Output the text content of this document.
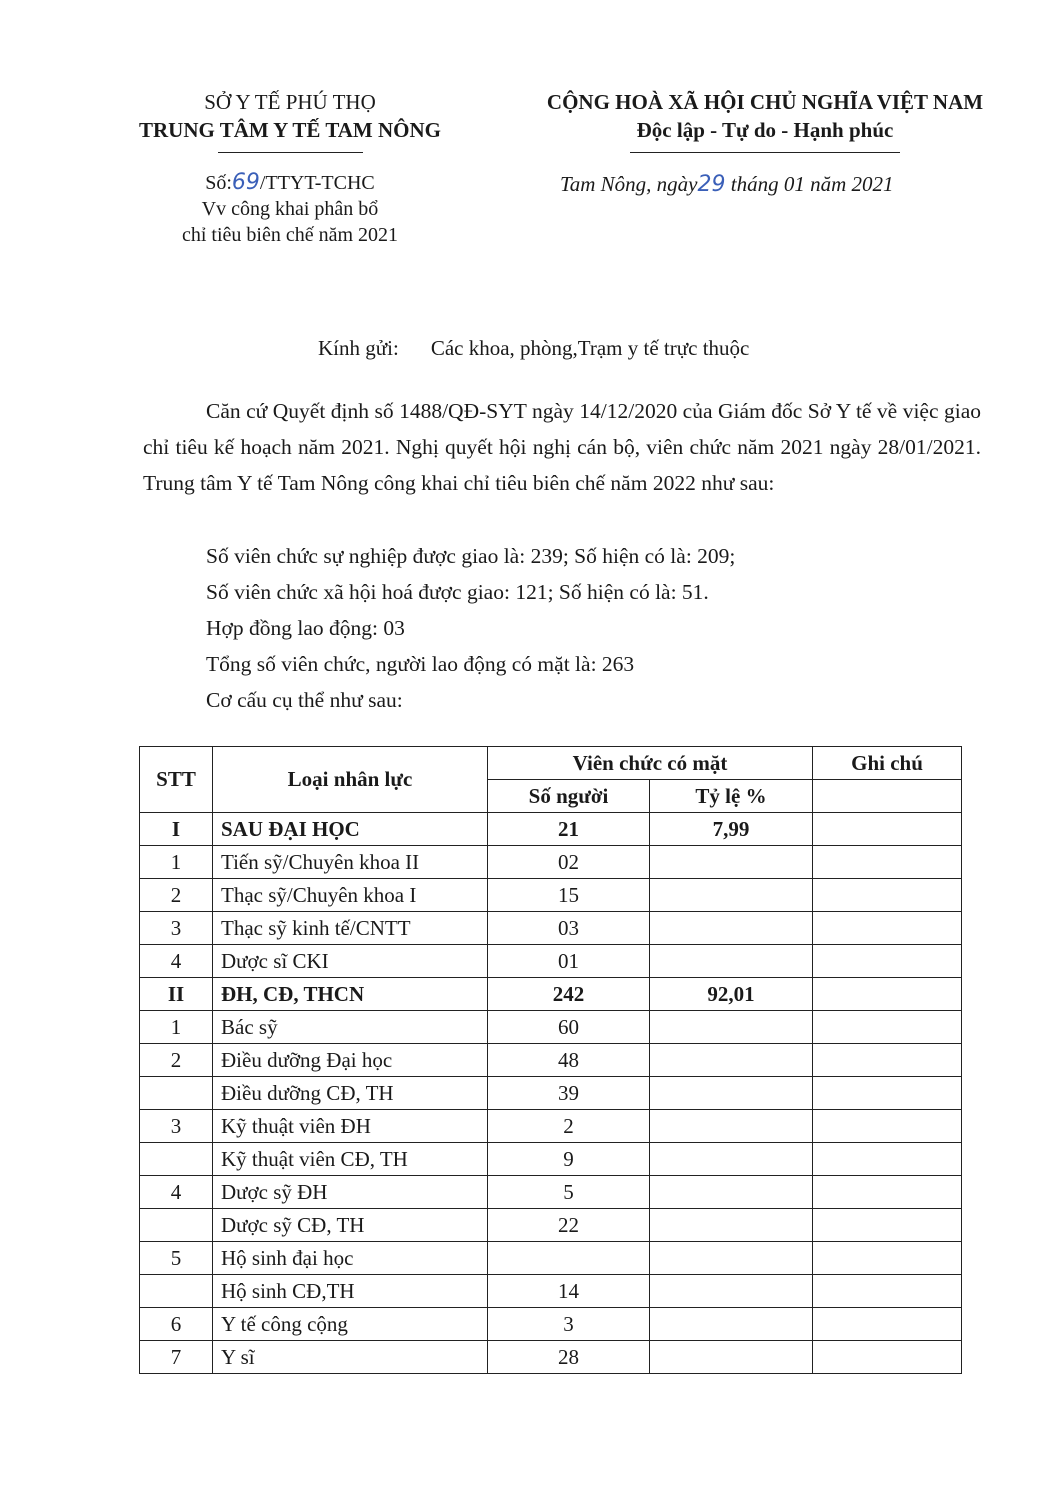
SỞ Y TẾ PHÚ THỌ
TRUNG TÂM Y TẾ TAM NÔNG
CỘNG HOÀ XÃ HỘI CHỦ NGHĨA VIỆT NAM
Độc lập - Tự do - Hạnh phúc
Số:69/TTYT-TCHC
Vv công khai phân bổ
chỉ tiêu biên chế năm 2021
Tam Nông, ngày29 tháng 01 năm 2021
Kính gửi: Các khoa, phòng,Trạm y tế trực thuộc
Căn cứ Quyết định số 1488/QĐ-SYT ngày 14/12/2020 của Giám đốc Sở Y tế về việc giao chỉ tiêu kế hoạch năm 2021. Nghị quyết hội nghị cán bộ, viên chức năm 2021 ngày 28/01/2021. Trung tâm Y tế Tam Nông công khai chỉ tiêu biên chế năm 2022 như sau:
Số viên chức sự nghiệp được giao là: 239; Số hiện có là: 209;
Số viên chức xã hội hoá được giao: 121; Số hiện có là: 51.
Hợp đồng lao động: 03
Tổng số viên chức, người lao động có mặt là: 263
Cơ cấu cụ thể như sau:
STT	Loại nhân lực	Viên chức có mặt		Ghi chú
		Số người	Tỷ lệ %	
I	SAU ĐẠI HỌC	21	7,99	
1	Tiến sỹ/Chuyên khoa II	02		
2	Thạc sỹ/Chuyên khoa I	15		
3	Thạc sỹ kinh tế/CNTT	03		
4	Dược sĩ CKI	01		
II	ĐH, CĐ, THCN	242	92,01	
1	Bác sỹ	60		
2	Điều dưỡng Đại học	48		
	Điều dưỡng CĐ, TH	39		
3	Kỹ thuật viên ĐH	2		
	Kỹ thuật viên CĐ, TH	9		
4	Dược sỹ ĐH	5		
	Dược sỹ CĐ, TH	22		
5	Hộ sinh đại học			
	Hộ sinh CĐ,TH	14		
6	Y tế công cộng	3		
7	Y sĩ	28		
